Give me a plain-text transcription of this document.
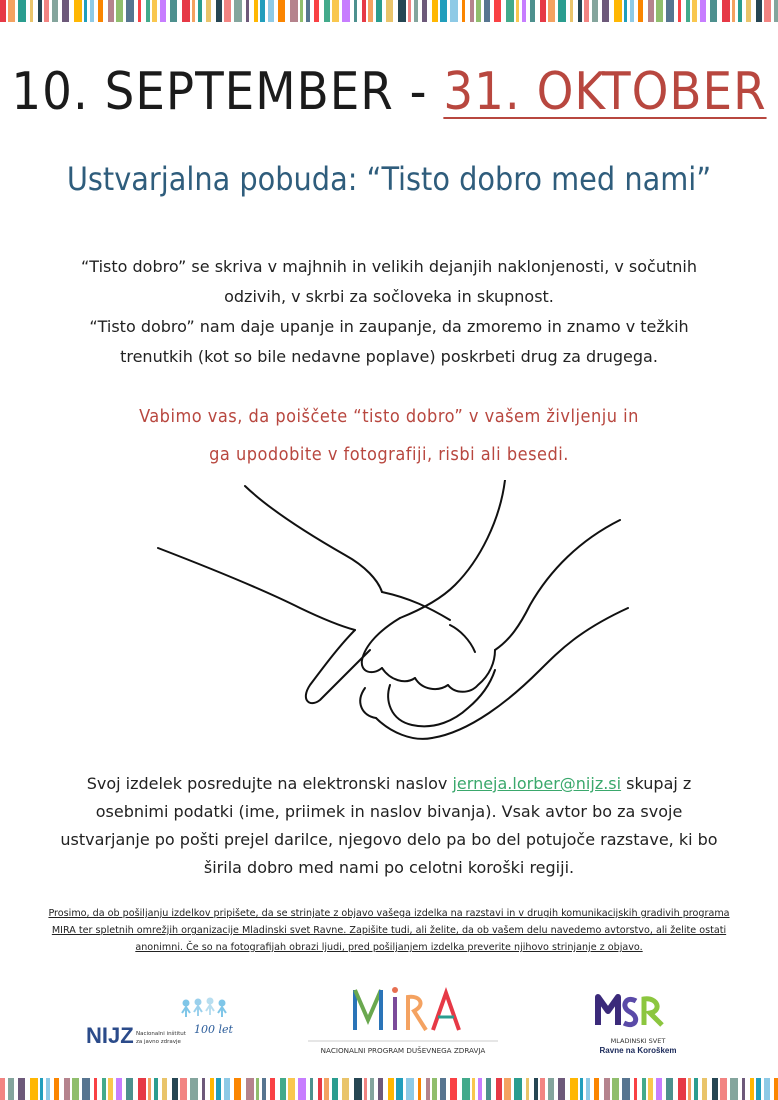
10. SEPTEMBER - 31. OKTOBER
Ustvarjalna pobuda: “Tisto dobro med nami”

“Tisto dobro” se skriva v majhnih in velikih dejanjih naklonjenosti, v sočutnih odzivih, v skrbi za sočloveka in skupnost.

“Tisto dobro” nam daje upanje in zaupanje, da zmoremo in znamo v težkih trenutkih (kot so bile nedavne poplave) poskrbeti drug za drugega.

Vabimo vas, da poiščete “tisto dobro” v vašem življenju in
ga upodobite v fotografiji, risbi ali besedi.
Svoj izdelek posredujte na elektronski naslov jerneja.lorber@nijz.si skupaj z osebnimi podatki (ime, priimek in naslov bivanja). Vsak avtor bo za svoje ustvarjanje po pošti prejel darilce, njegovo delo pa bo del potujoče razstave, ki bo širila dobro med nami po celotni koroški regiji.
Prosimo, da ob pošiljanju izdelkov pripišete, da se strinjate z objavo vašega izdelka na razstavi in v drugih komunikacijskih gradivih programa MIRA ter spletnih omrežjih organizacije Mladinski svet Ravne. Zapišite tudi, ali želite, da ob vašem delu navedemo avtorstvo, ali želite ostati anonimni. Če so na fotografijah obrazi ljudi, pred pošiljanjem izdelka preverite njihovo strinjanje z objavo.
100 let
NIJZ Nacionalni inštitut
za javno zdravje
NACIONALNI PROGRAM DUŠEVNEGA ZDRAVJA
MLADINSKI SVET
Ravne na Koroškem
